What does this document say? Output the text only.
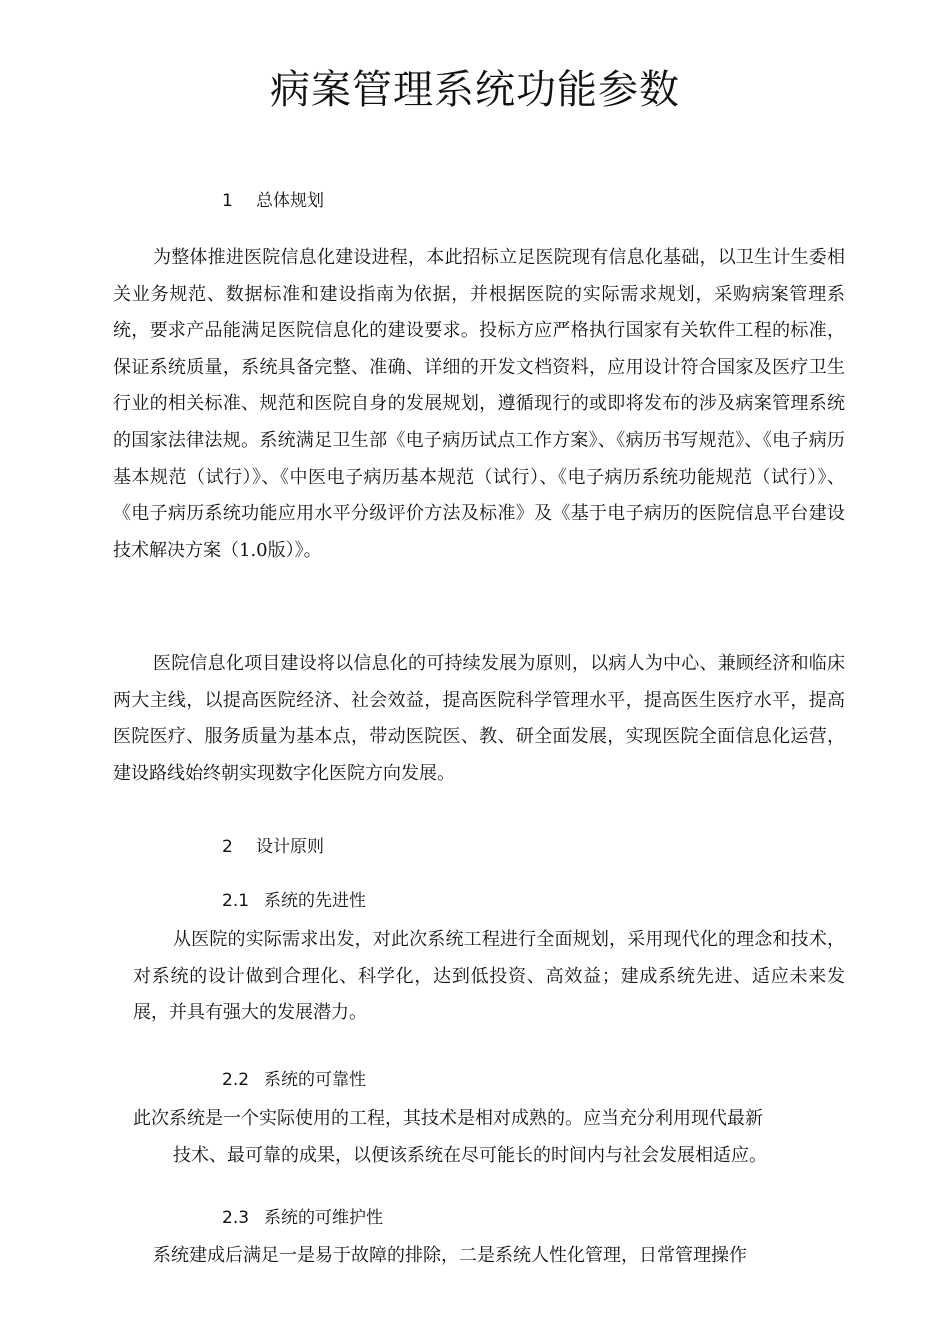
病案管理系统功能参数
1 总体规划

为整体推进医院信息化建设进程，本此招标立足医院现有信息化基础，以卫生计生委相关业务规范、数据标准和建设指南为依据，并根据医院的实际需求规划，采购病案管理系统，要求产品能满足医院信息化的建设要求。投标方应严格执行国家有关软件工程的标准，保证系统质量，系统具备完整、准确、详细的开发文档资料，应用设计符合国家及医疗卫生行业的相关标准、规范和医院自身的发展规划，遵循现行的或即将发布的涉及病案管理系统的国家法律法规。系统满足卫生部《电子病历试点工作方案》、《病历书写规范》、《电子病历基本规范（试行）》、《中医电子病历基本规范（试行）、《电子病历系统功能规范（试行）》、《电子病历系统功能应用水平分级评价方法及标准》及《基于电子病历的医院信息平台建设技术解决方案（1.0版）》。

医院信息化项目建设将以信息化的可持续发展为原则，以病人为中心、兼顾经济和临床两大主线，以提高医院经济、社会效益，提高医院科学管理水平，提高医生医疗水平，提高医院医疗、服务质量为基本点，带动医院医、教、研全面发展，实现医院全面信息化运营，建设路线始终朝实现数字化医院方向发展。

2 设计原则
2.1 系统的先进性

从医院的实际需求出发，对此次系统工程进行全面规划，采用现代化的理念和技术，对系统的设计做到合理化、科学化，达到低投资、高效益；建成系统先进、适应未来发展，并具有强大的发展潜力。

2.2 系统的可靠性

此次系统是一个实际使用的工程，其技术是相对成熟的。应当充分利用现代最新
技术、最可靠的成果，以便该系统在尽可能长的时间内与社会发展相适应。

2.3 系统的可维护性

系统建成后满足一是易于故障的排除，二是系统人性化管理，日常管理操作
